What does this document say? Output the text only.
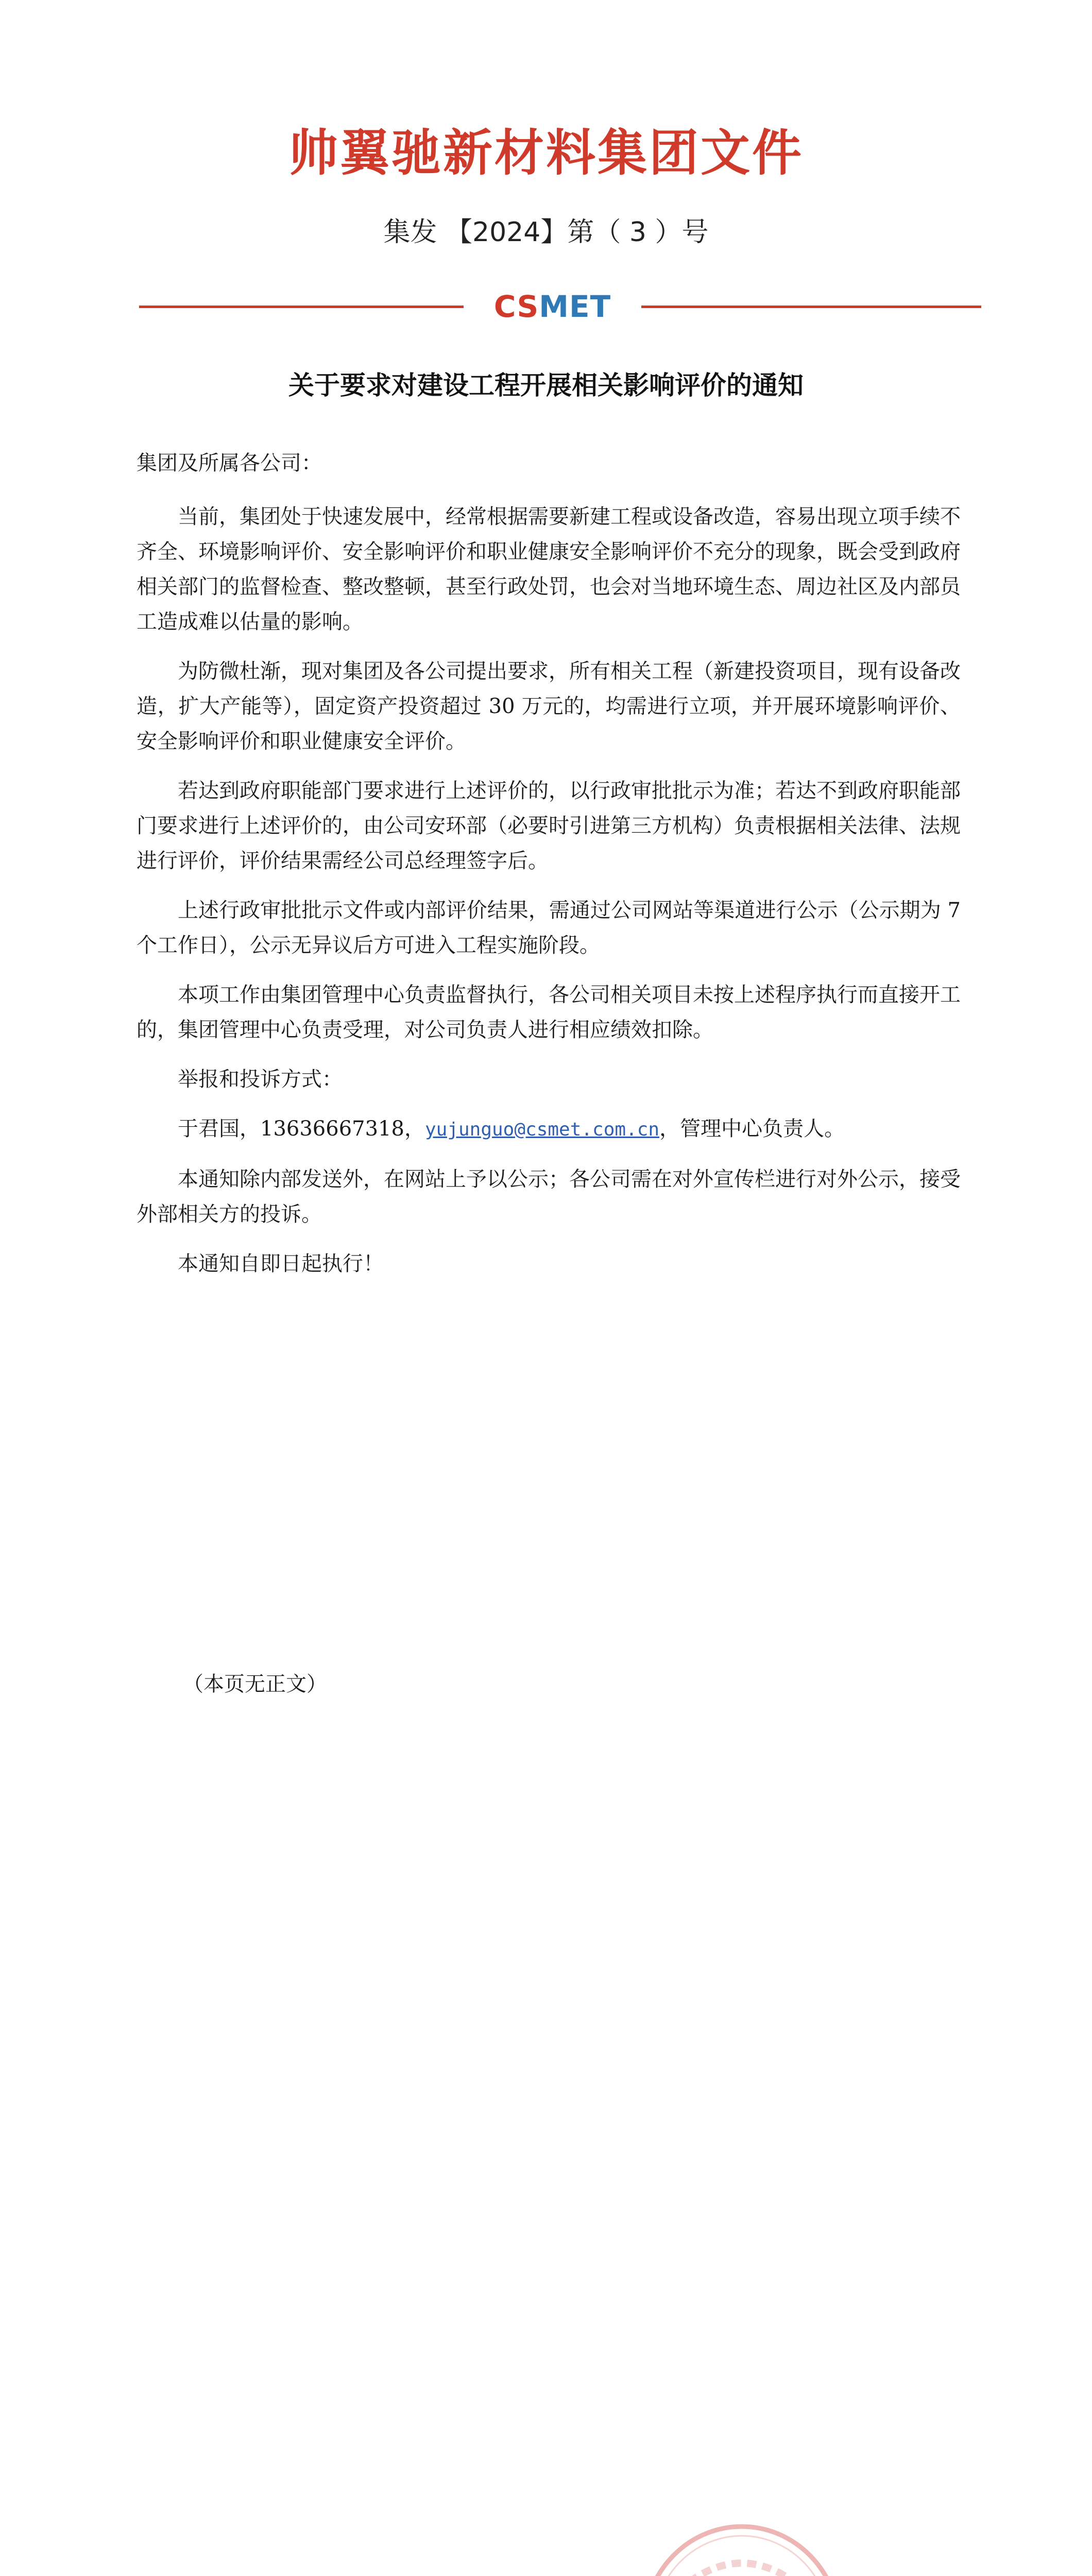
帅翼驰新材料集团文件
集发 【2024】第（ 3 ）号
CSMET
关于要求对建设工程开展相关影响评价的通知

集团及所属各公司：

当前，集团处于快速发展中，经常根据需要新建工程或设备改造，容易出现立项手续不齐全、环境影响评价、安全影响评价和职业健康安全影响评价不充分的现象，既会受到政府相关部门的监督检查、整改整顿，甚至行政处罚，也会对当地环境生态、周边社区及内部员工造成难以估量的影响。

为防微杜渐，现对集团及各公司提出要求，所有相关工程（新建投资项目，现有设备改造，扩大产能等），固定资产投资超过 30 万元的，均需进行立项，并开展环境影响评价、安全影响评价和职业健康安全评价。

若达到政府职能部门要求进行上述评价的，以行政审批批示为准；若达不到政府职能部门要求进行上述评价的，由公司安环部（必要时引进第三方机构）负责根据相关法律、法规进行评价，评价结果需经公司总经理签字后。

上述行政审批批示文件或内部评价结果，需通过公司网站等渠道进行公示（公示期为 7 个工作日），公示无异议后方可进入工程实施阶段。

本项工作由集团管理中心负责监督执行，各公司相关项目未按上述程序执行而直接开工的，集团管理中心负责受理，对公司负责人进行相应绩效扣除。

举报和投诉方式：

于君国，13636667318，yujunguo@csmet.com.cn，管理中心负责人。

本通知除内部发送外，在网站上予以公示；各公司需在对外宣传栏进行对外公示，接受外部相关方的投诉。

本通知自即日起执行！

（本页无正文）
